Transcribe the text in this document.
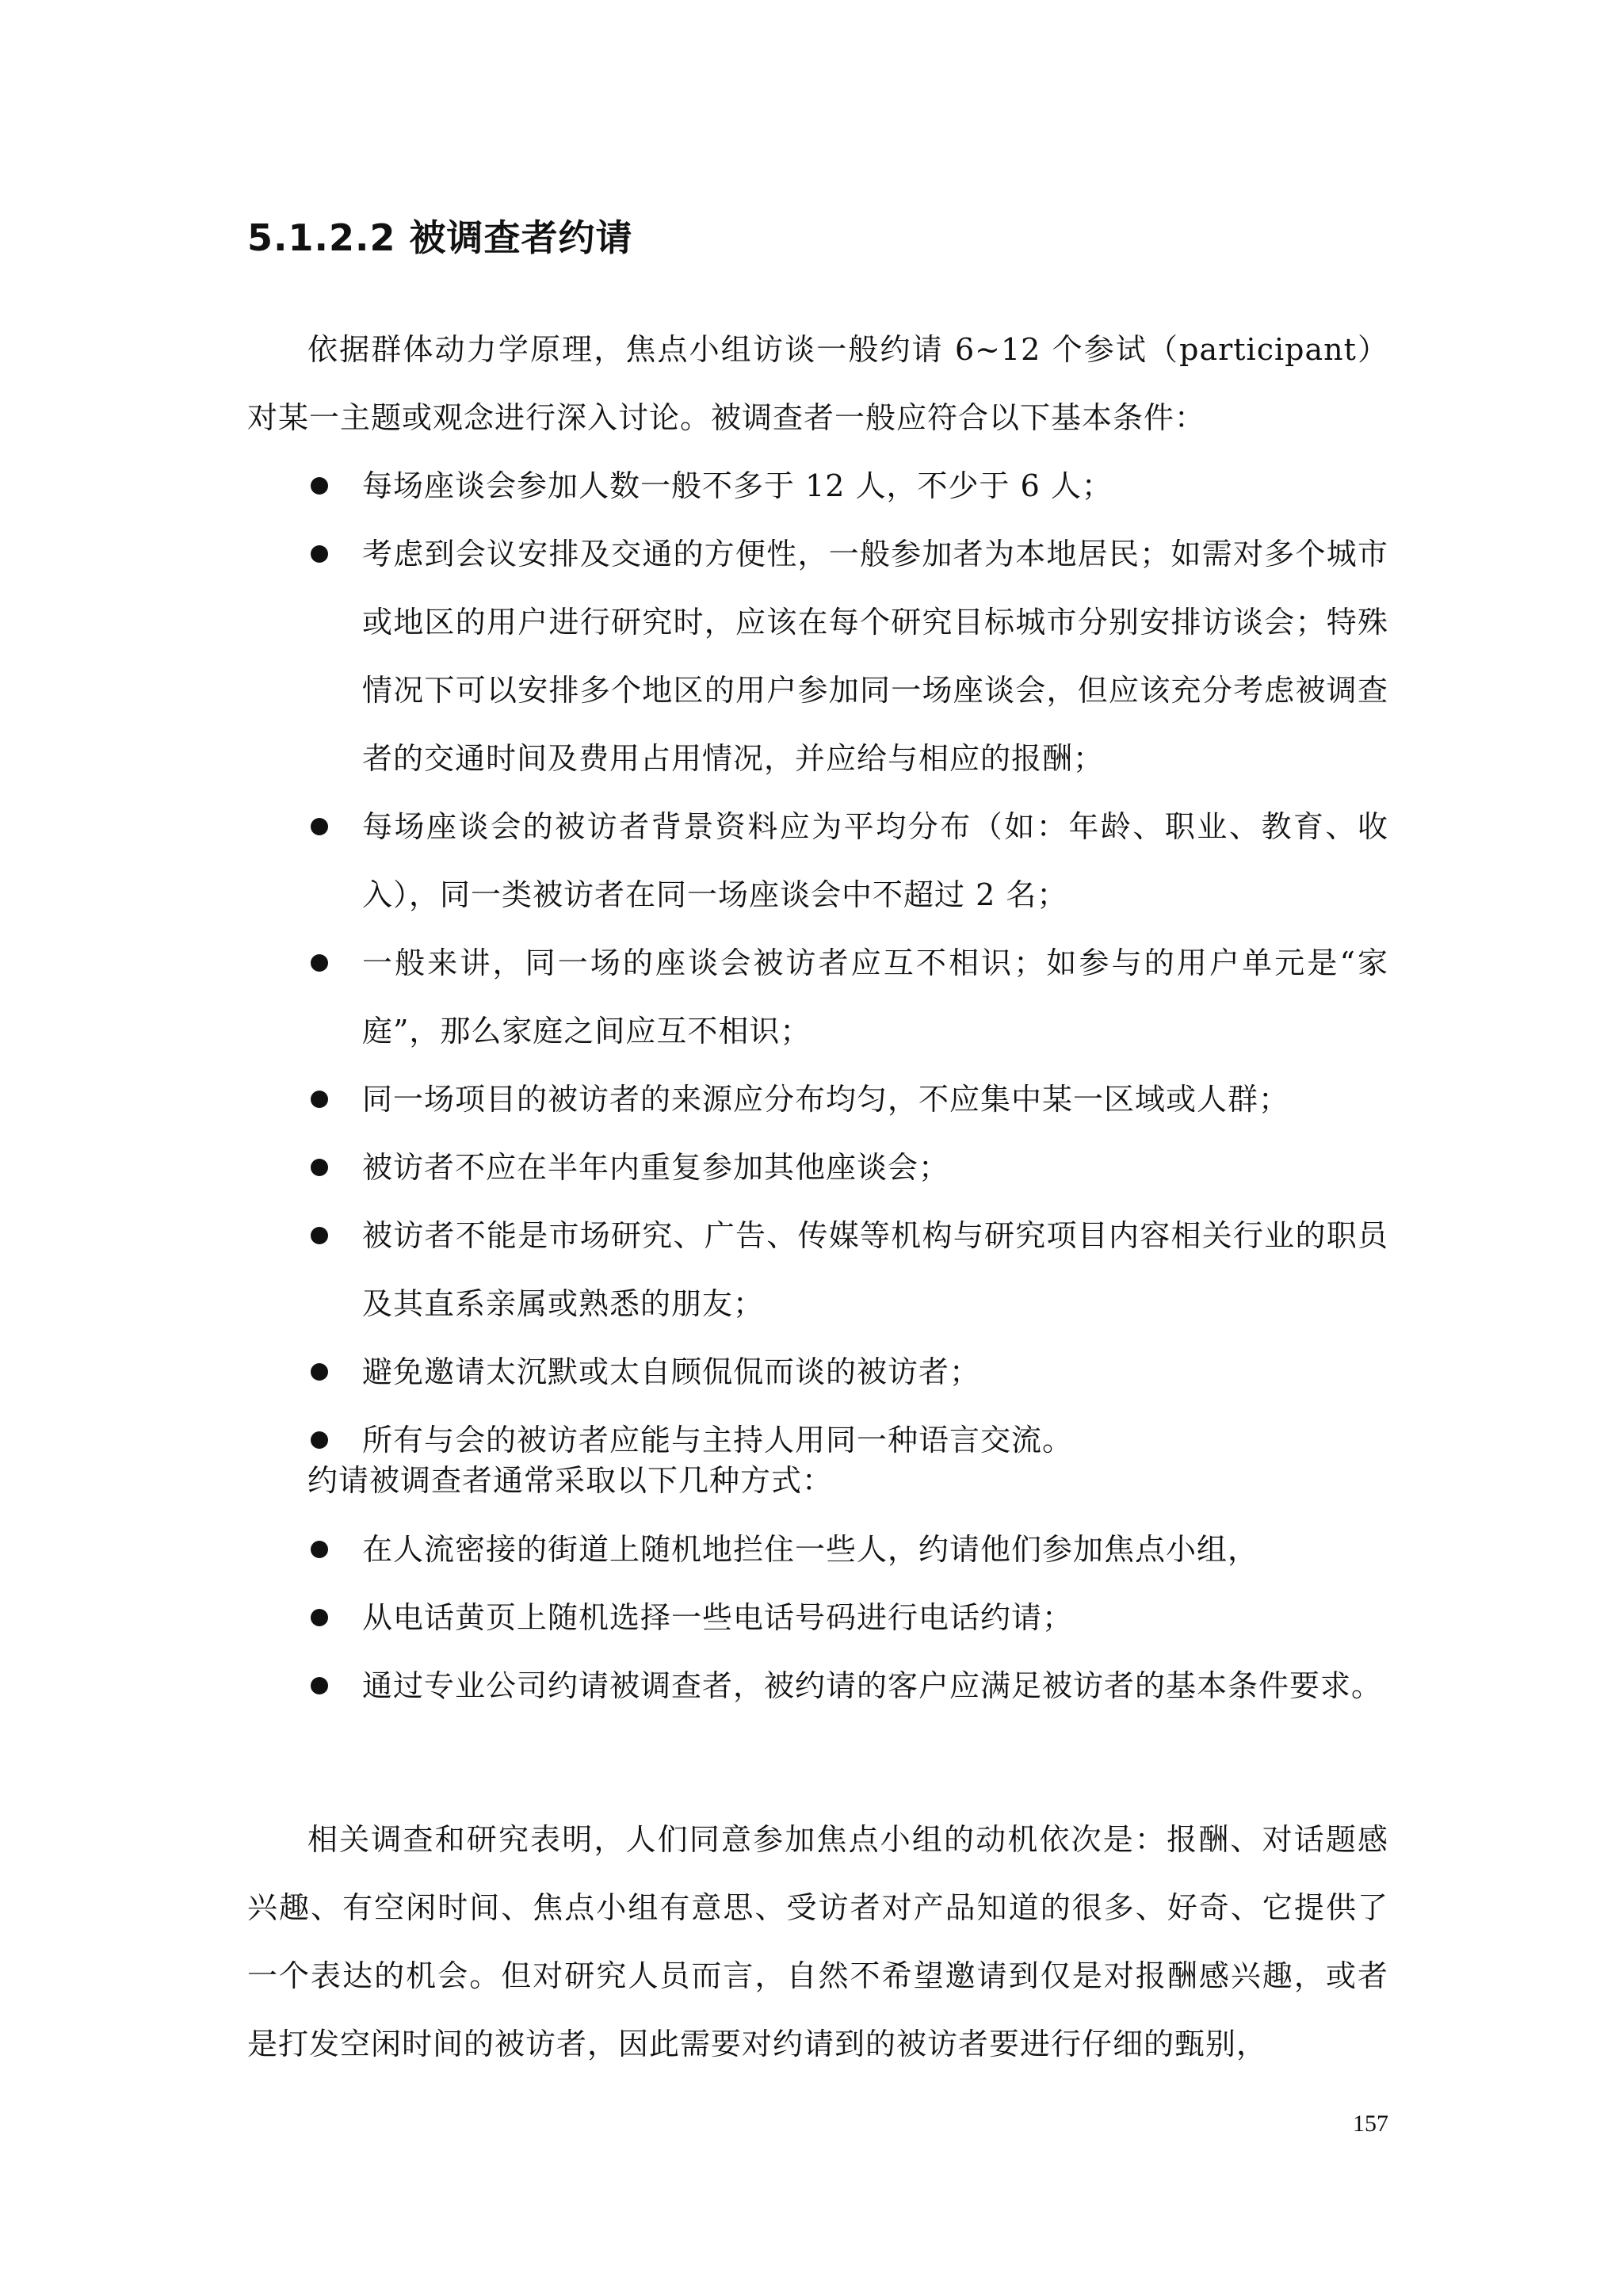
5.1.2.2 被调查者约请

依据群体动力学原理，焦点小组访谈一般约请 6~12 个参试（participant）对某一主题或观念进行深入讨论。被调查者一般应符合以下基本条件：

每场座谈会参加人数一般不多于 12 人，不少于 6 人；
考虑到会议安排及交通的方便性，一般参加者为本地居民；如需对多个城市或地区的用户进行研究时，应该在每个研究目标城市分别安排访谈会；特殊情况下可以安排多个地区的用户参加同一场座谈会，但应该充分考虑被调查者的交通时间及费用占用情况，并应给与相应的报酬；
每场座谈会的被访者背景资料应为平均分布（如：年龄、职业、教育、收入），同一类被访者在同一场座谈会中不超过 2 名；
一般来讲，同一场的座谈会被访者应互不相识；如参与的用户单元是“家庭”，那么家庭之间应互不相识；
同一场项目的被访者的来源应分布均匀，不应集中某一区域或人群；
被访者不应在半年内重复参加其他座谈会；
被访者不能是市场研究、广告、传媒等机构与研究项目内容相关行业的职员及其直系亲属或熟悉的朋友；
避免邀请太沉默或太自顾侃侃而谈的被访者；
所有与会的被访者应能与主持人用同一种语言交流。

约请被调查者通常采取以下几种方式：

在人流密接的街道上随机地拦住一些人，约请他们参加焦点小组，
从电话黄页上随机选择一些电话号码进行电话约请；
通过专业公司约请被调查者，被约请的客户应满足被访者的基本条件要求。

相关调查和研究表明，人们同意参加焦点小组的动机依次是：报酬、对话题感兴趣、有空闲时间、焦点小组有意思、受访者对产品知道的很多、好奇、它提供了一个表达的机会。但对研究人员而言，自然不希望邀请到仅是对报酬感兴趣，或者是打发空闲时间的被访者，因此需要对约请到的被访者要进行仔细的甄别，

157
